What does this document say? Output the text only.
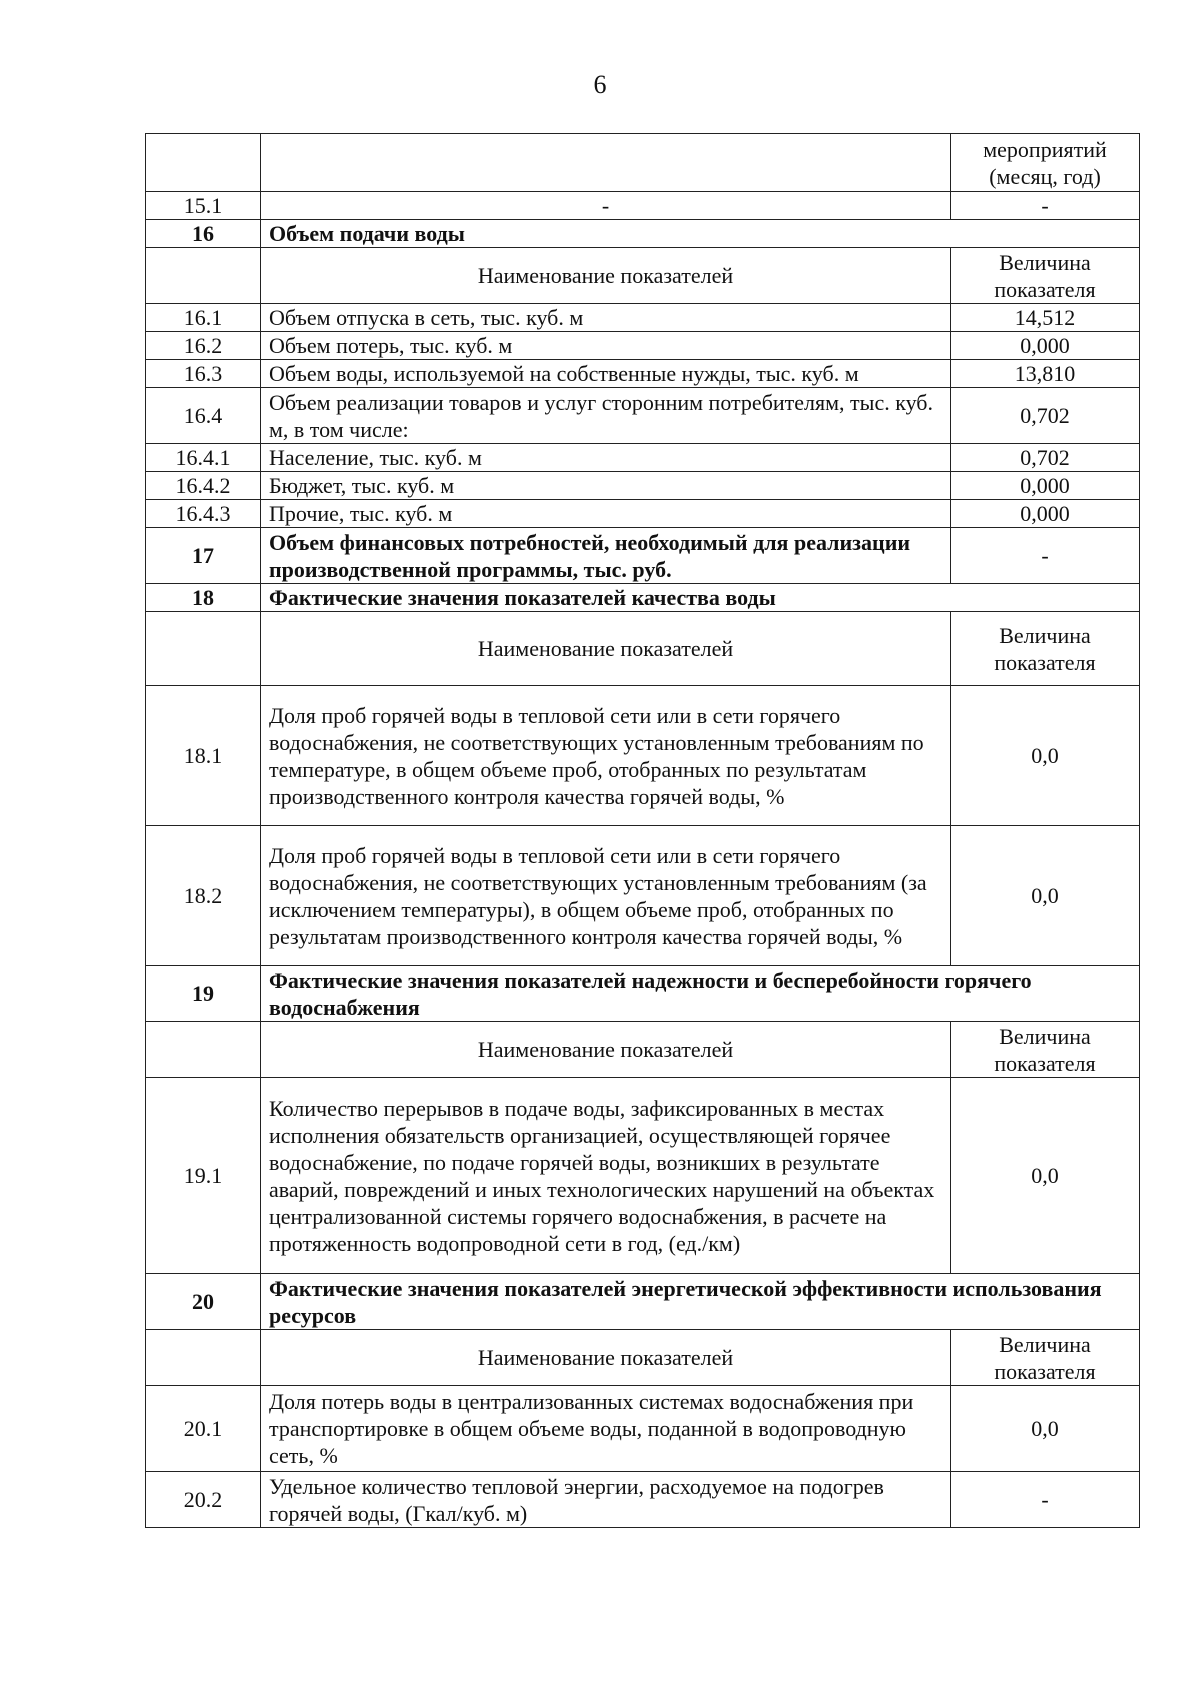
6
		мероприятий (месяц, год)
15.1	-	-
16	Объем подачи воды	
	Наименование показателей	Величина показателя
16.1	Объем отпуска в сеть, тыс. куб. м	14,512
16.2	Объем потерь, тыс. куб. м	0,000
16.3	Объем воды, используемой на собственные нужды, тыс. куб. м	13,810
16.4	Объем реализации товаров и услуг сторонним потребителям, тыс. куб. м, в том числе:	0,702
16.4.1	Население, тыс. куб. м	0,702
16.4.2	Бюджет, тыс. куб. м	0,000
16.4.3	Прочие, тыс. куб. м	0,000
17	Объем финансовых потребностей, необходимый для реализации производственной программы, тыс. руб.	-
18	Фактические значения показателей качества воды	
	Наименование показателей	Величина показателя
18.1	Доля проб горячей воды в тепловой сети или в сети горячего водоснабжения, не соответствующих установленным требованиям по температуре, в общем объеме проб, отобранных по результатам производственного контроля качества горячей воды, %	0,0
18.2	Доля проб горячей воды в тепловой сети или в сети горячего водоснабжения, не соответствующих установленным требованиям (за исключением температуры), в общем объеме проб, отобранных по результатам производственного контроля качества горячей воды, %	0,0
19	Фактические значения показателей надежности и бесперебойности горячего водоснабжения	
	Наименование показателей	Величина показателя
19.1	Количество перерывов в подаче воды, зафиксированных в местах исполнения обязательств организацией, осуществляющей горячее водоснабжение, по подаче горячей воды, возникших в результате аварий, повреждений и иных технологических нарушений на объектах централизованной системы горячего водоснабжения, в расчете на протяженность водопроводной сети в год, (ед./км)	0,0
20	Фактические значения показателей энергетической эффективности использования ресурсов	
	Наименование показателей	Величина показателя
20.1	Доля потерь воды в централизованных системах водоснабжения при транспортировке в общем объеме воды, поданной в водопроводную сеть, %	0,0
20.2	Удельное количество тепловой энергии, расходуемое на подогрев горячей воды, (Гкал/куб. м)	-
